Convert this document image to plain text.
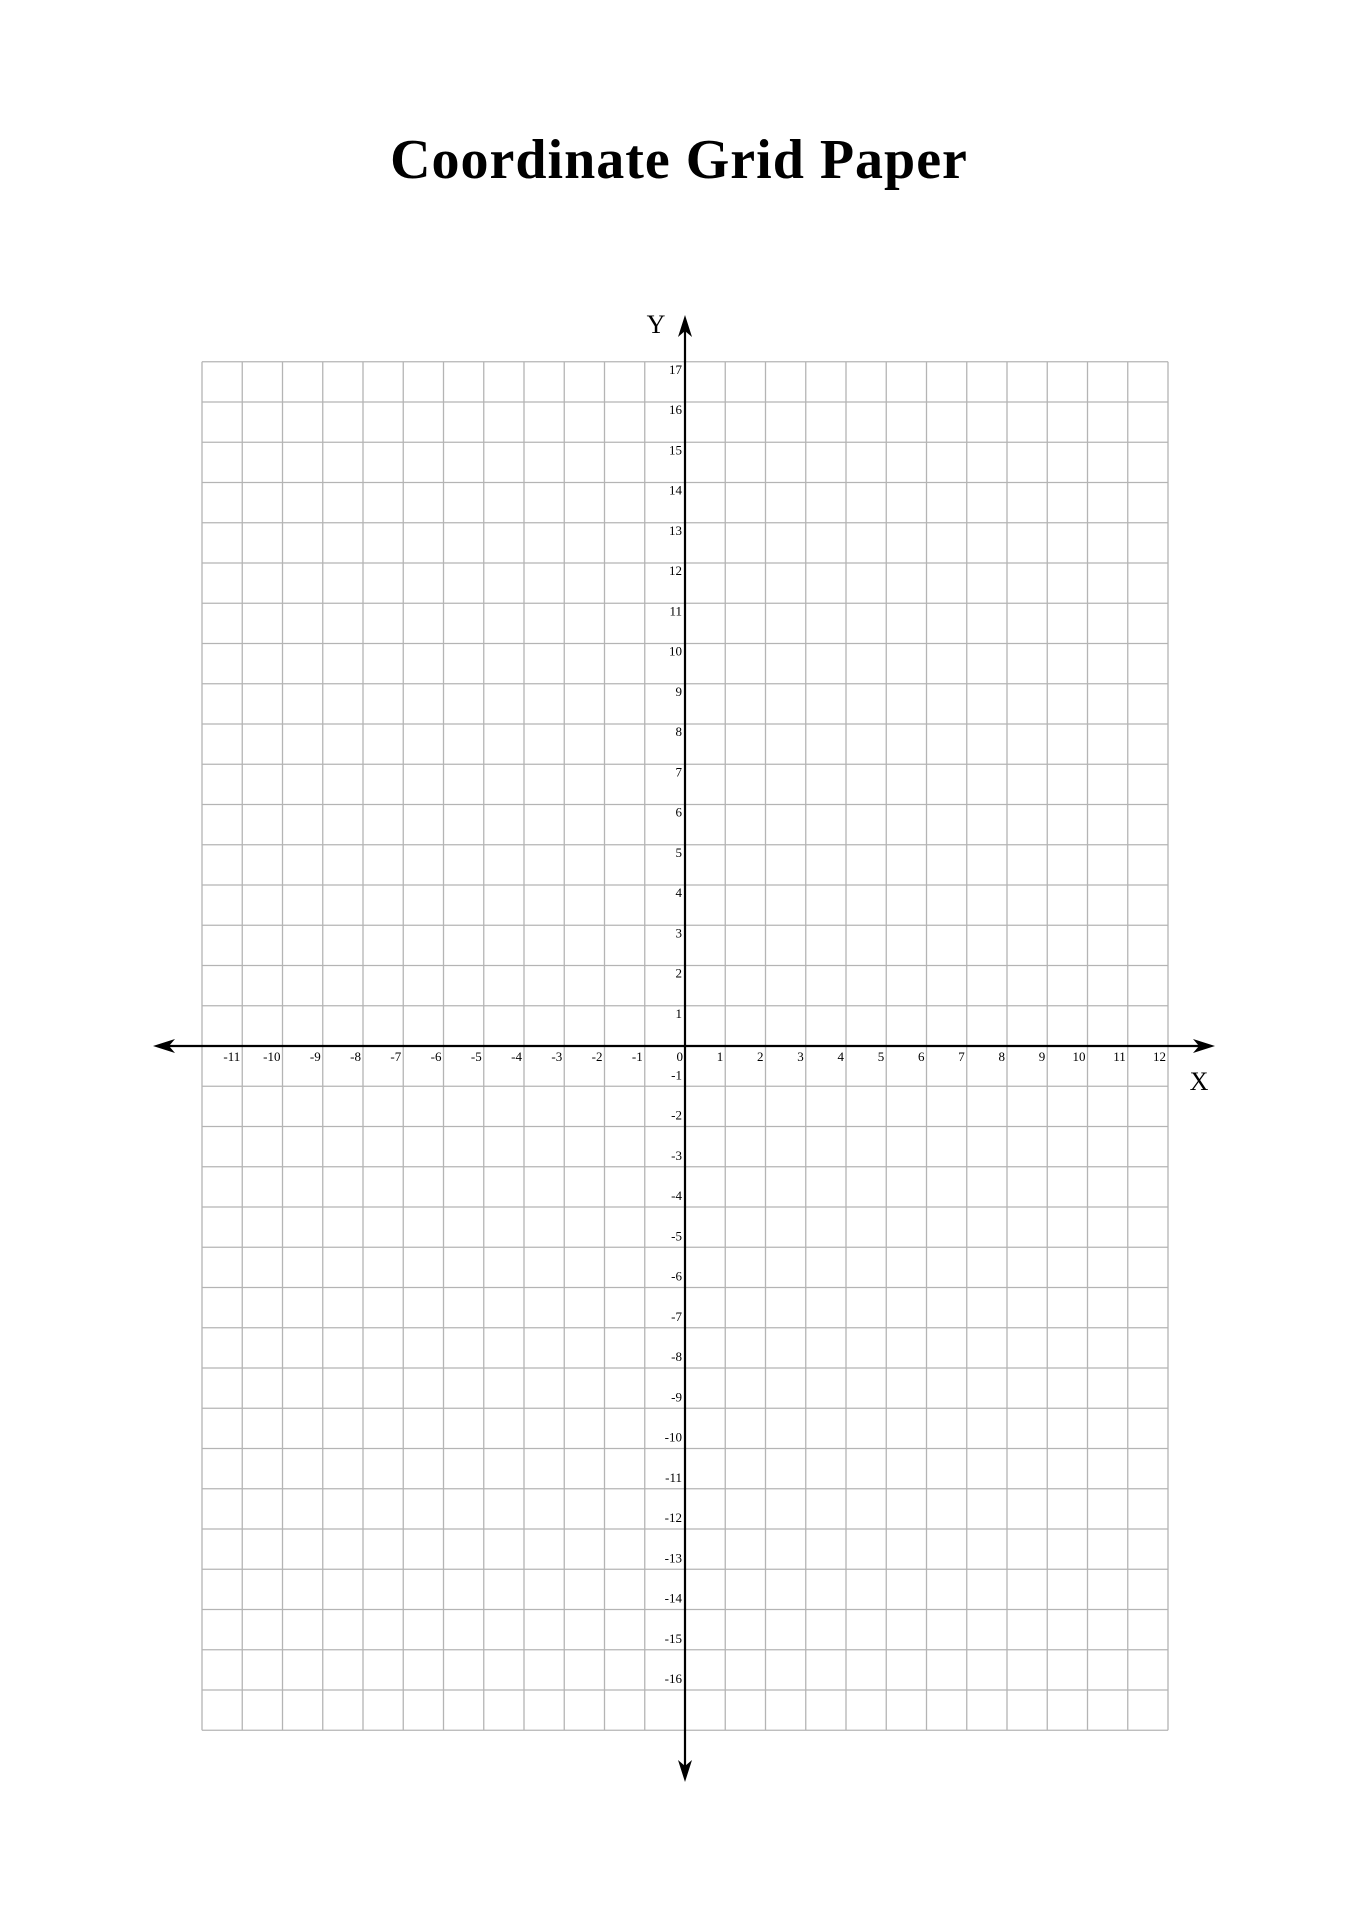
Coordinate Grid Paper
-11 -10 -9 -8 -7 -6 -5 -4 -3 -2 -1	0	1	2	3	4	5	6	7	8	9 10 11 12
17
16
15
14
13
12
11
10
9
8
7
6
5
4
3
2
1
-1
-2
-3
-4
-5
-6
-7
-8
-9
-10
-11
-12
-13
-14
-15
-16
X
Y
